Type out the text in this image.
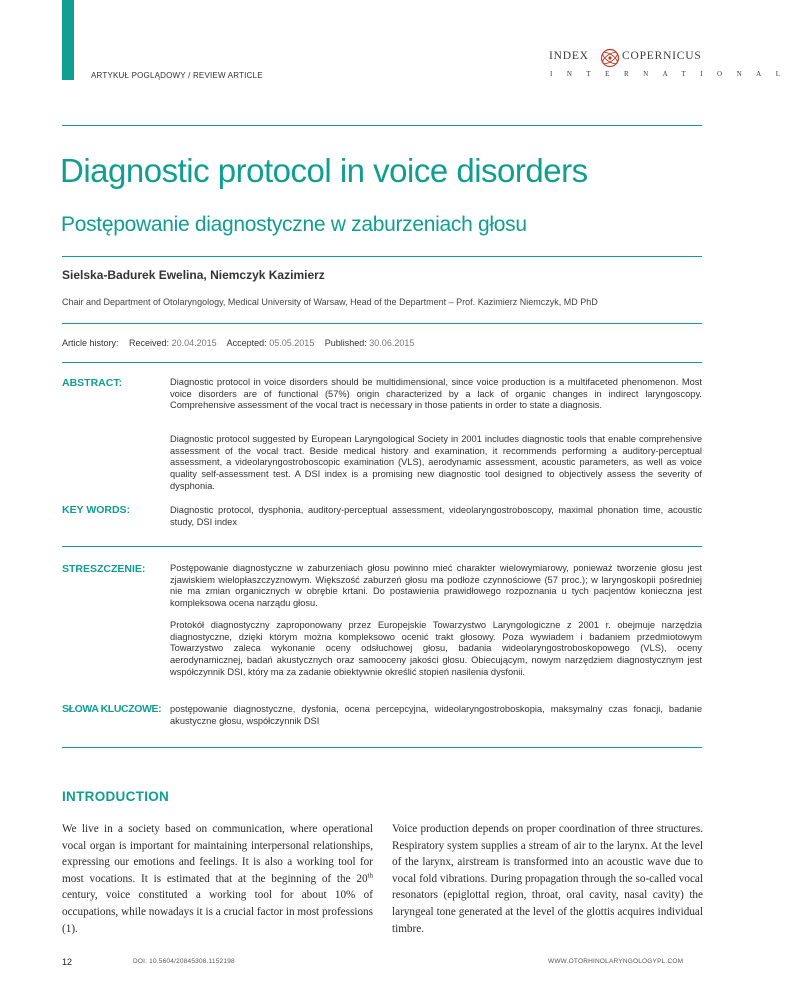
ARTYKUŁ POGLĄDOWY / REVIEW ARTICLE
INDEX	COPERNICUS
INTERNATIONAL
Diagnostic protocol in voice disorders
Postępowanie diagnostyczne w zaburzeniach głosu
Sielska-Badurek Ewelina, Niemczyk Kazimierz
Chair and Department of Otolaryngology, Medical University of Warsaw, Head of the Department – Prof. Kazimierz Niemczyk, MD PhD
Article history: Received: 20.04.2015 Accepted: 05.05.2015 Published: 30.06.2015
ABSTRACT:	Diagnostic protocol in voice disorders should be multidimensional, since voice production is a multifaceted phenomenon. Most voice disorders are of functional (57%) origin characterized by a lack of organic changes in indirect laryngoscopy. Comprehensive assessment of the vocal tract is necessary in those patients in order to state a diagnosis.

Diagnostic protocol suggested by European Laryngological Society in 2001 includes diagnostic tools that enable comprehensive assessment of the vocal tract. Beside medical history and examination, it recommends performing a auditory-perceptual assessment, a videolaryngostroboscopic examination (VLS), aerodynamic assessment, acoustic parameters, as well as voice quality self-assessment test. A DSI index is a promising new diagnostic tool designed to objectively assess the severity of dysphonia.

KEY WORDS:	Diagnostic protocol, dysphonia, auditory-perceptual assessment, videolaryngostroboscopy, maximal phonation time, acoustic study, DSI index

STRESZCZENIE:	Postępowanie diagnostyczne w zaburzeniach głosu powinno mieć charakter wielowymiarowy, ponieważ tworzenie głosu jest zjawiskiem wielopłaszczyznowym. Większość zaburzeń głosu ma podłoże czynnościowe (57 proc.); w laryngoskopii pośredniej nie ma zmian organicznych w obrębie krtani. Do postawienia prawidłowego rozpoznania u tych pacjentów konieczna jest kompleksowa ocena narządu głosu.

Protokół diagnostyczny zaproponowany przez Europejskie Towarzystwo Laryngologiczne z 2001 r. obejmuje narzędzia diagnostyczne, dzięki którym można kompleksowo ocenić trakt głosowy. Poza wywiadem i badaniem przedmiotowym Towarzystwo zaleca wykonanie oceny odsłuchowej głosu, badania wideolaryngostroboskopowego (VLS), oceny aerodynamicznej, badań akustycznych oraz samooceny jakości głosu. Obiecującym, nowym narzędziem diagnostycznym jest współczynnik DSI, który ma za zadanie obiektywnie określić stopień nasilenia dysfonii.

SŁOWA KLUCZOWE: postępowanie diagnostyczne, dysfonia, ocena percepcyjna, wideolaryngostroboskopia, maksymalny czas fonacji, badanie akustyczne głosu, współczynnik DSI

INTRODUCTION

We live in a society based on communication, where operational vocal organ is important for maintaining interpersonal relationships, expressing our emotions and feelings. It is also a working tool for most vocations. It is estimated that at the beginning of the 20th century, voice constituted a working tool for about 10% of occupations, while nowadays it is a crucial factor in most professions (1).

Voice production depends on proper coordination of three structures. Respiratory system supplies a stream of air to the larynx. At the level of the larynx, airstream is transformed into an acoustic wave due to vocal fold vibrations. During propagation through the so-called vocal resonators (epiglottal region, throat, oral cavity, nasal cavity) the laryngeal tone generated at the level of the glottis acquires individual timbre.

12	DOI: 10.5604/20845308.1152198	WWW.OTORHINOLARYNGOLOGYPL.COM
